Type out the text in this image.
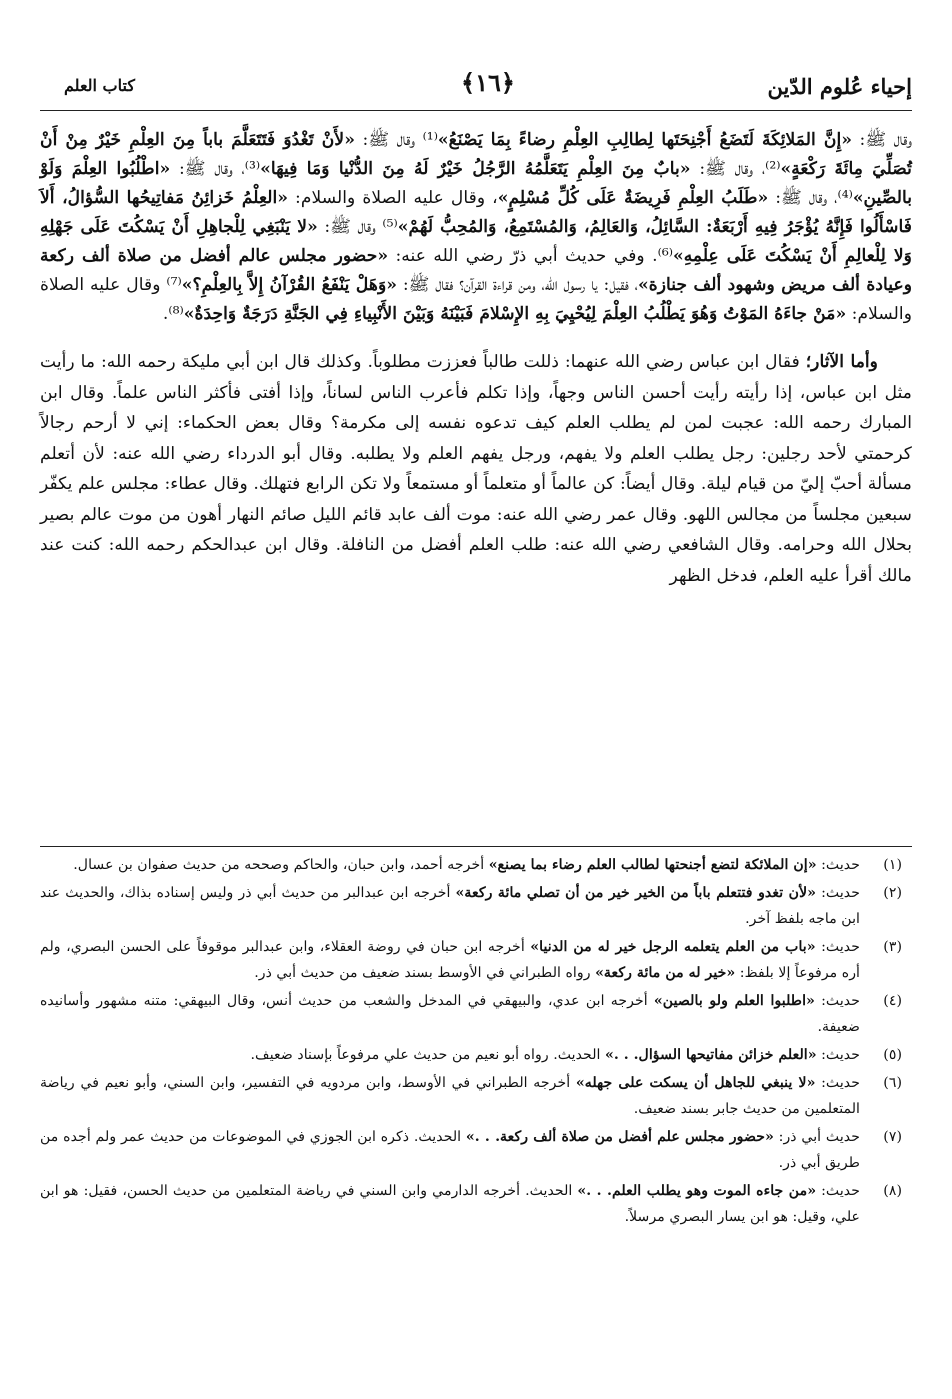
إحياء عُلوم الدّين
﴿١٦﴾
كتاب العلم

وقال ﷺ: «إِنَّ المَلائِكَةَ لَتَضَعُ أَجْنِحَتَها لِطالِبِ العِلْمِ رضاءً بِمَا يَصْنَعُ»⁽¹⁾ وقال ﷺ: «لأَنْ تَغْدُوَ فَتَتَعَلَّمَ باباً مِنَ العِلْمِ خَيْرٌ مِنْ أَنْ تُصَلِّيَ مِائَةَ رَكْعَةٍ»⁽²⁾، وقال ﷺ: «بابٌ مِنَ العِلْمِ يَتَعَلَّمُهُ الرَّجُلُ خَيْرٌ لَهُ مِنَ الدُّنْيا وَمَا فِيهَا»⁽³⁾، وقال ﷺ: «اطْلُبُوا العِلْمَ وَلَوْ بالصِّينِ»⁽⁴⁾، وقال ﷺ: «طَلَبُ العِلْمِ فَرِيضَةٌ عَلَى كُلِّ مُسْلِمٍ»، وقال عليه الصلاة والسلام: «العِلْمُ خَزائِنُ مَفاتِيحُها السُّؤالُ، أَلاَ فَاسْأَلُوا فَإِنَّهُ يُؤْجَرُ فِيهِ أَرْبَعَةٌ: السَّائِلُ، وَالعَالِمُ، وَالمُسْتَمِعُ، وَالمُحِبُّ لَهُمْ»⁽⁵⁾ وقال ﷺ: «لا يَنْبَغِي لِلْجاهِلِ أَنْ يَسْكُتَ عَلَى جَهْلِهِ وَلا لِلْعالِمِ أَنْ يَسْكُتَ عَلَى عِلْمِهِ»⁽⁶⁾. وفي حديث أبي ذرّ رضي الله عنه: «حضور مجلس عالم أفضل من صلاة ألف ركعة وعيادة ألف مريض وشهود ألف جنازة»، فقيل: يا رسول الله، ومن قراءة القرآن؟ فقال ﷺ: «وَهَلْ يَنْفَعُ القُرْآنُ إِلاَّ بِالعِلْمِ؟»⁽⁷⁾ وقال عليه الصلاة والسلام: «مَنْ جاءَهُ المَوْتُ وَهُوَ يَطْلُبُ العِلْمَ لِيُحْيِيَ بِهِ الإِسْلامَ فَبَيْنَهُ وَبَيْنَ الأَنْبِياءِ فِي الجَنَّةِ دَرَجَةٌ وَاحِدَةٌ»⁽⁸⁾.

وأما الآثار؛ فقال ابن عباس رضي الله عنهما: ذللت طالباً فعززت مطلوباً. وكذلك قال ابن أبي مليكة رحمه الله: ما رأيت مثل ابن عباس، إذا رأيته رأيت أحسن الناس وجهاً، وإذا تكلم فأعرب الناس لساناً، وإذا أفتى فأكثر الناس علماً. وقال ابن المبارك رحمه الله: عجبت لمن لم يطلب العلم كيف تدعوه نفسه إلى مكرمة؟ وقال بعض الحكماء: إني لا أرحم رجالاً كرحمتي لأحد رجلين: رجل يطلب العلم ولا يفهم، ورجل يفهم العلم ولا يطلبه. وقال أبو الدرداء رضي الله عنه: لأن أتعلم مسألة أحبّ إليّ من قيام ليلة. وقال أيضاً: كن عالماً أو متعلماً أو مستمعاً ولا تكن الرابع فتهلك. وقال عطاء: مجلس علم يكفّر سبعين مجلساً من مجالس اللهو. وقال عمر رضي الله عنه: موت ألف عابد قائم الليل صائم النهار أهون من موت عالم بصير بحلال الله وحرامه. وقال الشافعي رضي الله عنه: طلب العلم أفضل من النافلة. وقال ابن عبدالحكم رحمه الله: كنت عند مالك أقرأ عليه العلم، فدخل الظهر

(١)
حديث: «إن الملائكة لتضع أجنحتها لطالب العلم رضاء بما يصنع» أخرجه أحمد، وابن حبان، والحاكم وصححه من حديث صفوان بن عسال.
(٢)
حديث: «لأن تغدو فتتعلم باباً من الخير خير من أن تصلي مائة ركعة» أخرجه ابن عبدالبر من حديث أبي ذر وليس إسناده بذاك، والحديث عند ابن ماجه بلفظ آخر.
(٣)
حديث: «باب من العلم يتعلمه الرجل خير له من الدنيا» أخرجه ابن حبان في روضة العقلاء، وابن عبدالبر موقوفاً على الحسن البصري، ولم أره مرفوعاً إلا بلفظ: «خير له من مائة ركعة» رواه الطبراني في الأوسط بسند ضعيف من حديث أبي ذر.
(٤)
حديث: «اطلبوا العلم ولو بالصين» أخرجه ابن عدي، والبيهقي في المدخل والشعب من حديث أنس، وقال البيهقي: متنه مشهور وأسانيده ضعيفة.
(٥)
حديث: «العلم خزائن مفاتيحها السؤال. . .» الحديث. رواه أبو نعيم من حديث علي مرفوعاً بإسناد ضعيف.
(٦)
حديث: «لا ينبغي للجاهل أن يسكت على جهله» أخرجه الطبراني في الأوسط، وابن مردويه في التفسير، وابن السني، وأبو نعيم في رياضة المتعلمين من حديث جابر بسند ضعيف.
(٧)
حديث أبي ذر: «حضور مجلس علم أفضل من صلاة ألف ركعة. . .» الحديث. ذكره ابن الجوزي في الموضوعات من حديث عمر ولم أجده من طريق أبي ذر.
(٨)
حديث: «من جاءه الموت وهو يطلب العلم. . .» الحديث. أخرجه الدارمي وابن السني في رياضة المتعلمين من حديث الحسن، فقيل: هو ابن علي، وقيل: هو ابن يسار البصري مرسلاً.
